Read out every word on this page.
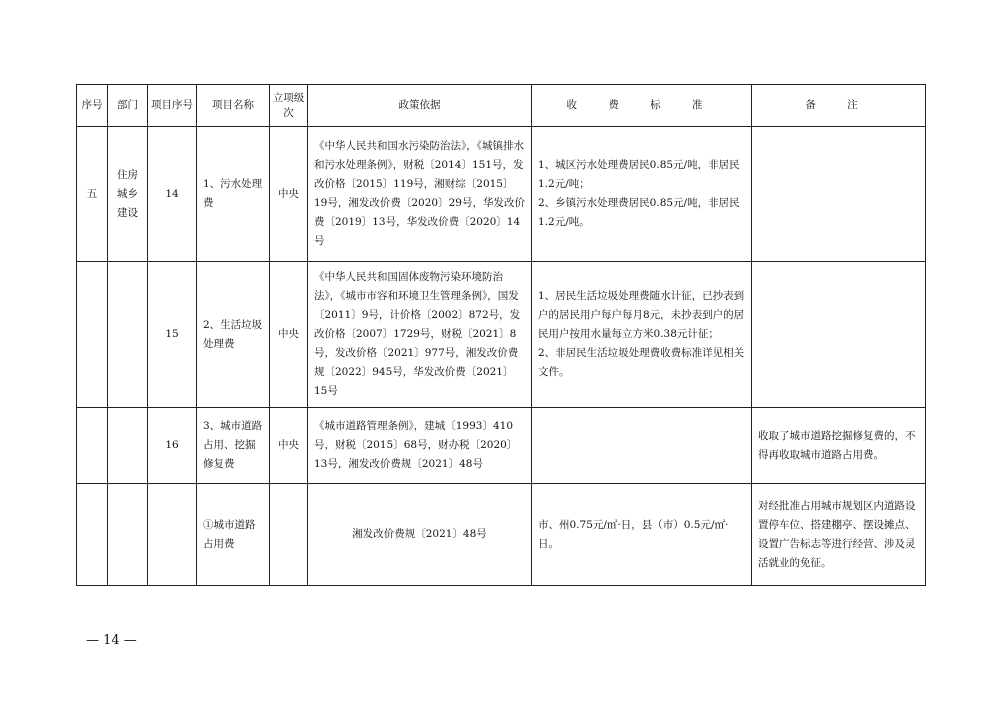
序号	部门	项目序号	项目名称	立项级次	政策依据	收 费 标 准	备 注
五	住房城乡建设	14	1、污水处理费	中央	《中华人民共和国水污染防治法》，《城镇排水和污水处理条例》，财税〔2014〕151号，发改价格〔2015〕119号，湘财综〔2015〕19号，湘发改价费〔2020〕29号，华发改价费〔2019〕13号，华发改价费〔2020〕14号	1、城区污水处理费居民0.85元/吨，非居民1.2元/吨；
2、乡镇污水处理费居民0.85元/吨，非居民1.2元/吨。	
		15	2、生活垃圾处理费	中央	《中华人民共和国固体废物污染环境防治法》，《城市市容和环境卫生管理条例》，国发〔2011〕9号，计价格〔2002〕872号，发改价格〔2007〕1729号，财税〔2021〕8号，发改价格〔2021〕977号，湘发改价费规〔2022〕945号，华发改价费〔2021〕15号	1、居民生活垃圾处理费随水计征，已抄表到户的居民用户每户每月8元，未抄表到户的居民用户按用水量每立方米0.38元计征；
2、非居民生活垃圾处理费收费标准详见相关文件。	
		16	3、城市道路占用、挖掘修复费	中央	《城市道路管理条例》，建城〔1993〕410号，财税〔2015〕68号，财办税〔2020〕13号，湘发改价费规〔2021〕48号		收取了城市道路挖掘修复费的，不得再收取城市道路占用费。
			①城市道路占用费		湘发改价费规〔2021〕48号	市、州0.75元/㎡·日，县（市）0.5元/㎡·日。	对经批准占用城市规划区内道路设置停车位、搭建棚亭、摆设摊点、设置广告标志等进行经营、涉及灵活就业的免征。
— 14 —
